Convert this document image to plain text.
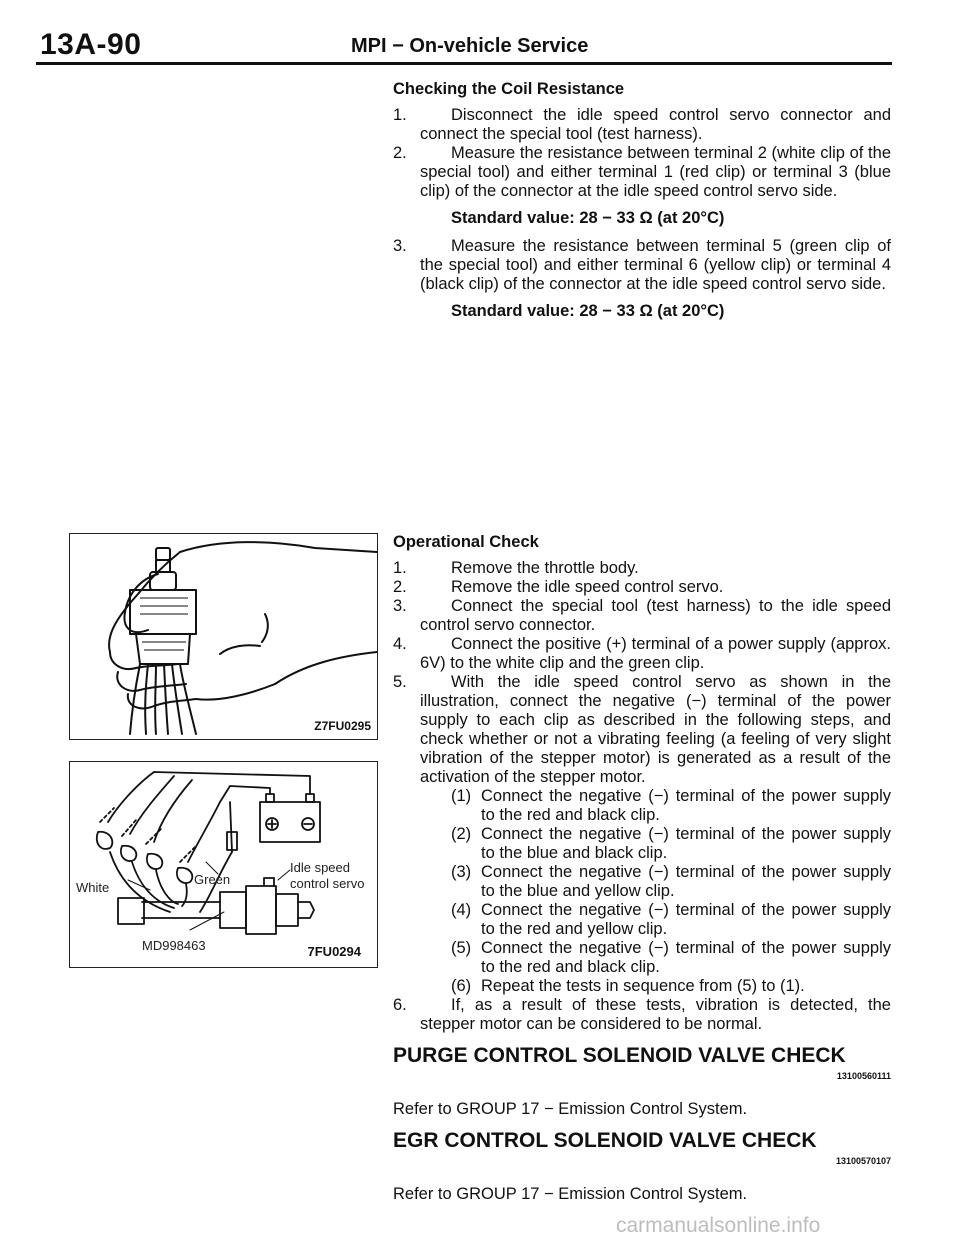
13A-90	MPI − On-vehicle Service
Checking the Coil Resistance
1.	Disconnect the idle speed control servo connector and connect the special tool (test harness).
2.	Measure the resistance between terminal 2 (white clip of the special tool) and either terminal 1 (red clip) or terminal 3 (blue clip) of the connector at the idle speed control servo side.
Standard value: 28 − 33 Ω (at 20°C)
3.	Measure the resistance between terminal 5 (green clip of the special tool) and either terminal 6 (yellow clip) or terminal 4 (black clip) of the connector at the idle speed control servo side.
Standard value: 28 − 33 Ω (at 20°C)
Operational Check
1.	Remove the throttle body.
2.	Remove the idle speed control servo.
3.	Connect the special tool (test harness) to the idle speed control servo connector.
4.	Connect the positive (+) terminal of a power supply (approx. 6V) to the white clip and the green clip.
5.	With the idle speed control servo as shown in the illustration, connect the negative (−) terminal of the power supply to each clip as described in the following steps, and check whether or not a vibrating feeling (a feeling of very slight vibration of the stepper motor) is generated as a result of the activation of the stepper motor.
(1) Connect the negative (−) terminal of the power supply to the red and black clip.
(2) Connect the negative (−) terminal of the power supply to the blue and black clip.
(3) Connect the negative (−) terminal of the power supply to the blue and yellow clip.
(4) Connect the negative (−) terminal of the power supply to the red and yellow clip.
(5) Connect the negative (−) terminal of the power supply to the red and black clip.
(6) Repeat the tests in sequence from (5) to (1).
6.	If, as a result of these tests, vibration is detected, the stepper motor can be considered to be normal.
PURGE CONTROL SOLENOID VALVE CHECK
13100560111
Refer to GROUP 17 − Emission Control System.
EGR CONTROL SOLENOID VALVE CHECK
13100570107
Refer to GROUP 17 − Emission Control System.
Z7FU0295
White
Green
Idle speed
control servo
MD998463	7FU0294
carmanualsonline.info
